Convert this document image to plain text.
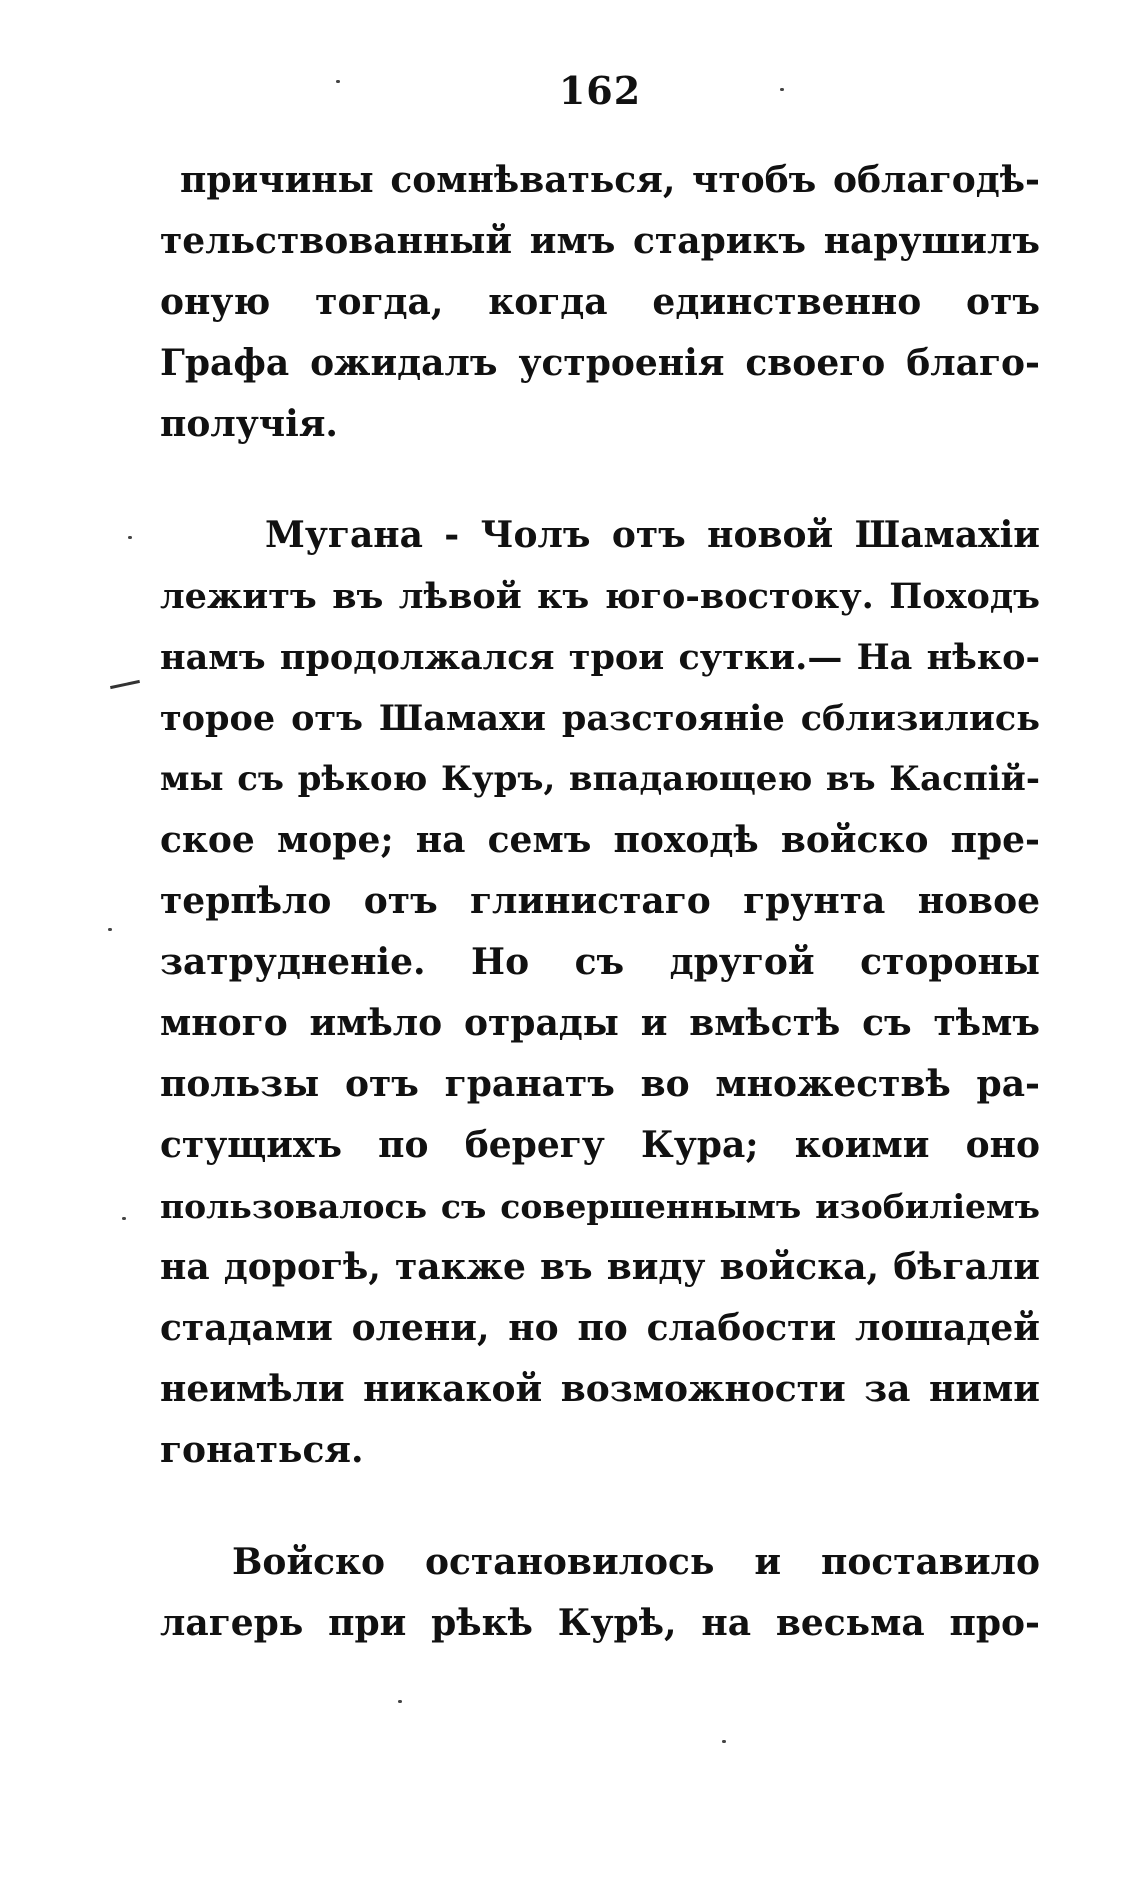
162
причины сомнѣваться, чтобъ облагодѣ-
тельствованный имъ старикъ нарушилъ
оную тогда, когда единственно отъ
Графа ожидалъ устроенія своего благо-
получія.
Мугана - Чолъ отъ новой Шамахіи
лежитъ въ лѣвой къ юго-востоку. Походъ
намъ продолжался трои сутки.— На нѣко-
торое отъ Шамахи разстояніе сблизились
мы съ рѣкою Куръ, впадающею въ Каспій-
ское море; на семъ походѣ войско пре-
терпѣло отъ глинистаго грунта новое
затрудненіе. Но съ другой стороны
много имѣло отрады и вмѣстѣ съ тѣмъ
пользы отъ гранатъ во множествѣ ра-
стущихъ по берегу Кура; коими оно
пользовалось съ совершеннымъ изобиліемъ
на дорогѣ, также въ виду войска, бѣгали
стадами олени, но по слабости лошадей
неимѣли никакой возможности за ними
гонаться.
Войско остановилось и поставило
лагерь при рѣкѣ Курѣ, на весьма про-
